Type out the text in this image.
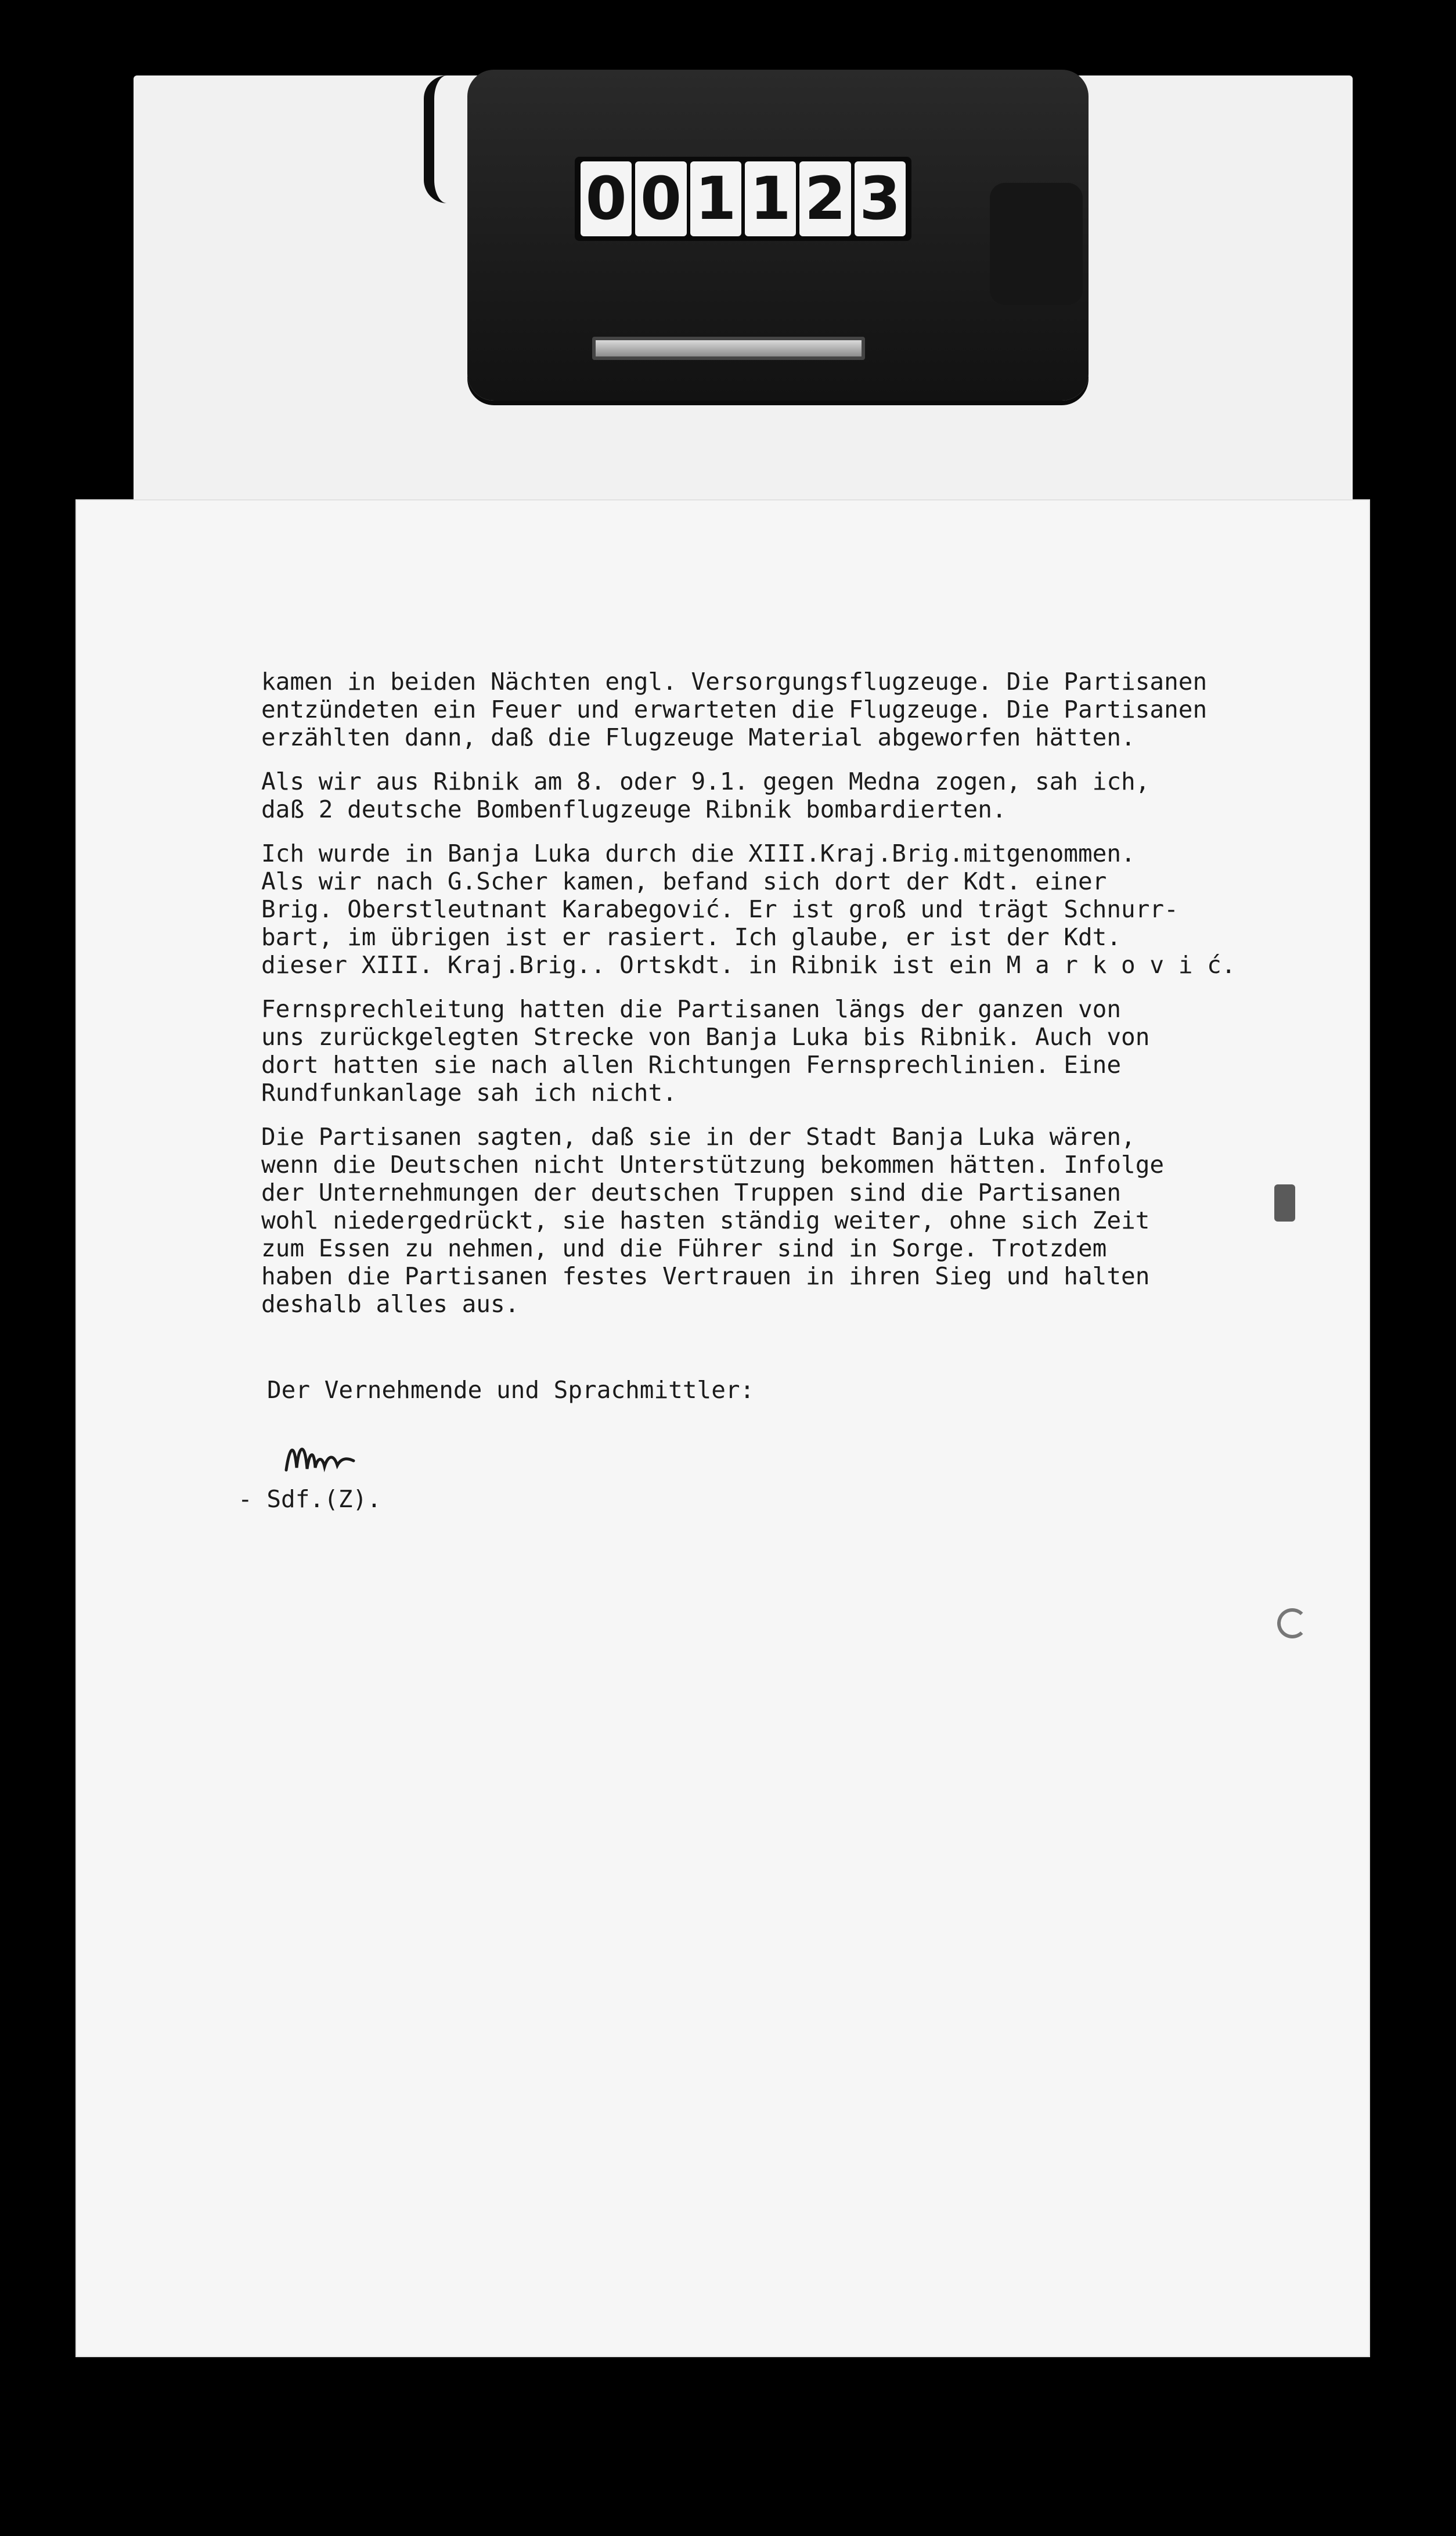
0 0 1 1 2 3
kamen in beiden Nächten engl. Versorgungsflugzeuge. Die Partisanen
entzündeten ein Feuer und erwarteten die Flugzeuge. Die Partisanen
erzählten dann, daß die Flugzeuge Material abgeworfen hätten.
Als wir aus Ribnik am 8. oder 9.1. gegen Medna zogen, sah ich,
daß 2 deutsche Bombenflugzeuge Ribnik bombardierten.
Ich wurde in Banja Luka durch die XIII.Kraj.Brig.mitgenommen.
Als wir nach G.Scher kamen, befand sich dort der Kdt. einer
Brig. Oberstleutnant Karabegović. Er ist groß und trägt Schnurr-
bart, im übrigen ist er rasiert. Ich glaube, er ist der Kdt.
dieser XIII. Kraj.Brig.. Ortskdt. in Ribnik ist ein M a r k o v i ć.
Fernsprechleitung hatten die Partisanen längs der ganzen von
uns zurückgelegten Strecke von Banja Luka bis Ribnik. Auch von
dort hatten sie nach allen Richtungen Fernsprechlinien. Eine
Rundfunkanlage sah ich nicht.
Die Partisanen sagten, daß sie in der Stadt Banja Luka wären,
wenn die Deutschen nicht Unterstützung bekommen hätten. Infolge
der Unternehmungen der deutschen Truppen sind die Partisanen
wohl niedergedrückt, sie hasten ständig weiter, ohne sich Zeit
zum Essen zu nehmen, und die Führer sind in Sorge. Trotzdem
haben die Partisanen festes Vertrauen in ihren Sieg und halten
deshalb alles aus.
Der Vernehmende und Sprachmittler:
- Sdf.(Z).
